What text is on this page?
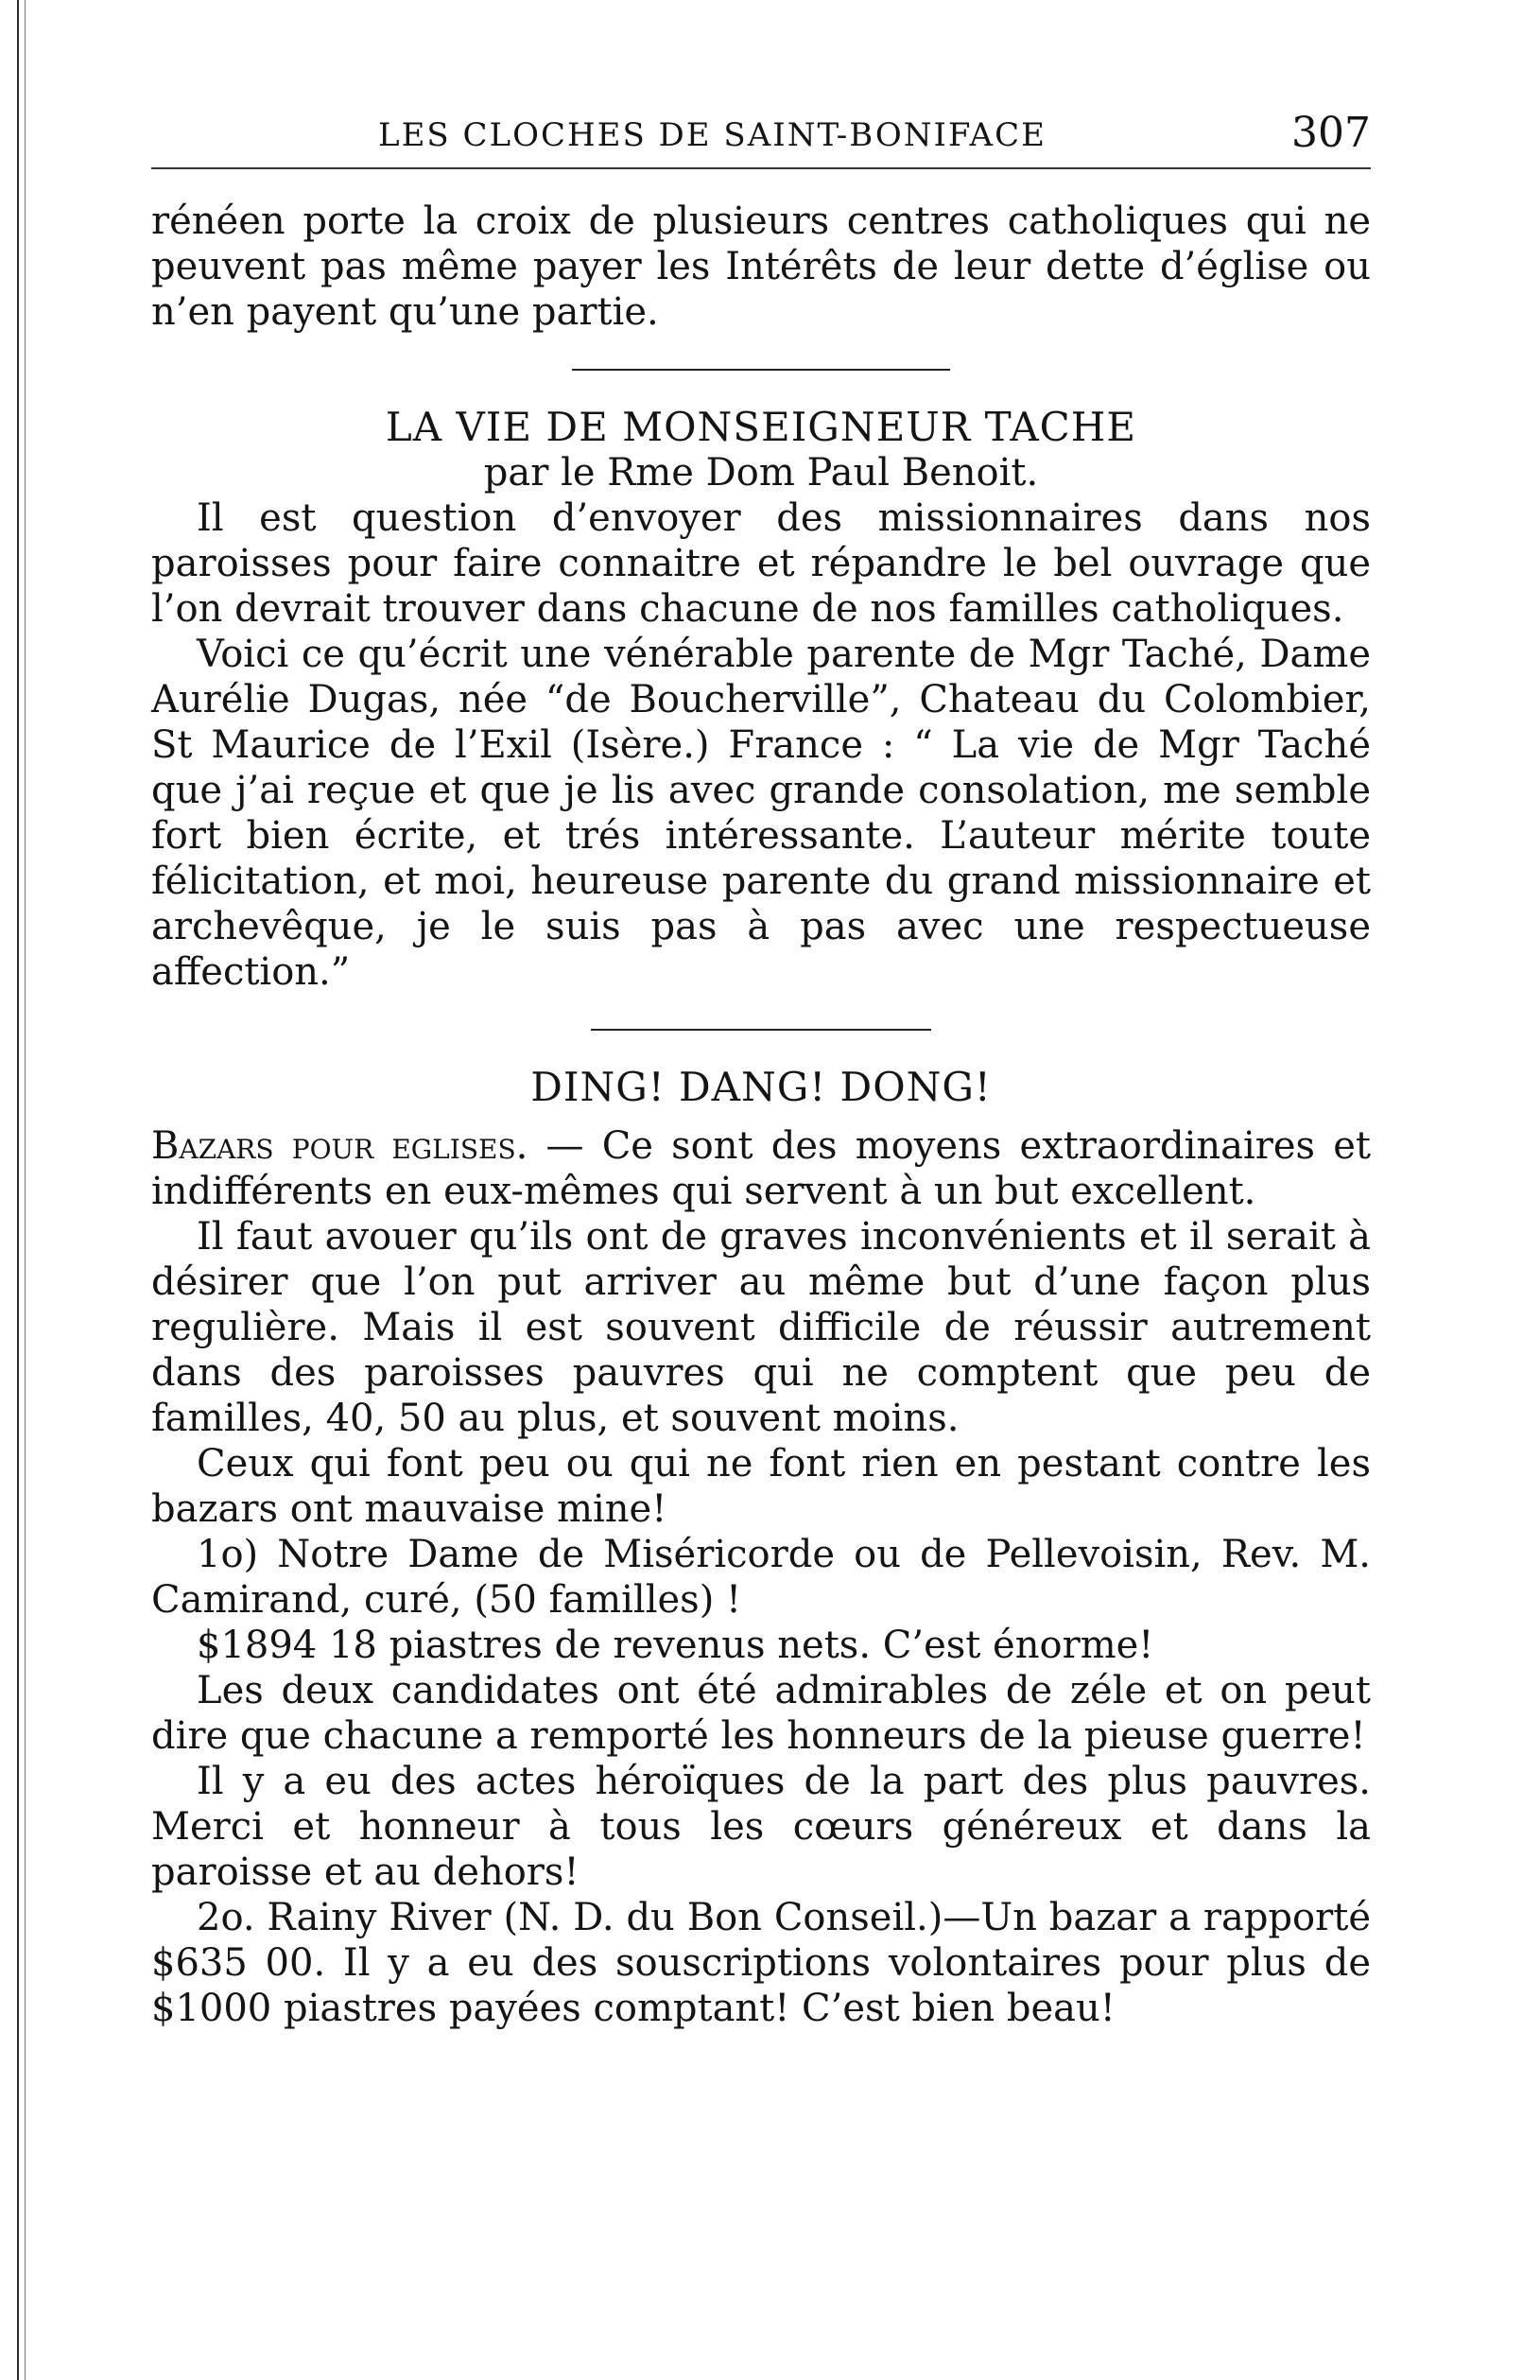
LES CLOCHES DE SAINT-BONIFACE	307

rénéen porte la croix de plusieurs centres catholiques qui ne peuvent pas même payer les Intérêts de leur dette d’église ou n’en payent qu’une partie.

LA VIE DE MONSEIGNEUR TACHE

par le Rme Dom Paul Benoit.

Il est question d’envoyer des missionnaires dans nos paroisses pour faire connaitre et répandre le bel ouvrage que l’on devrait trouver dans chacune de nos familles catholiques.

Voici ce qu’écrit une vénérable parente de Mgr Taché, Dame Aurélie Dugas, née “de Boucherville”, Chateau du Colombier, St Maurice de l’Exil (Isère.) France : “ La vie de Mgr Taché que j’ai reçue et que je lis avec grande consolation, me semble fort bien écrite, et trés intéressante. L’auteur mérite toute félicitation, et moi, heureuse parente du grand missionnaire et archevêque, je le suis pas à pas avec une respectueuse affection.”

DING! DANG! DONG!

Bazars pour eglises. — Ce sont des moyens extraordinaires et indifférents en eux-mêmes qui servent à un but excellent.

Il faut avouer qu’ils ont de graves inconvénients et il serait à désirer que l’on put arriver au même but d’une façon plus regulière. Mais il est souvent difficile de réussir autrement dans des paroisses pauvres qui ne comptent que peu de familles, 40, 50 au plus, et souvent moins.

Ceux qui font peu ou qui ne font rien en pestant contre les bazars ont mauvaise mine!

1o) Notre Dame de Miséricorde ou de Pellevoisin, Rev. M. Camirand, curé, (50 familles) !

$1894 18 piastres de revenus nets. C’est énorme!

Les deux candidates ont été admirables de zéle et on peut dire que chacune a remporté les honneurs de la pieuse guerre!

Il y a eu des actes héroïques de la part des plus pauvres. Merci et honneur à tous les cœurs généreux et dans la paroisse et au dehors!

2o. Rainy River (N. D. du Bon Conseil.)—Un bazar a rapporté $635 00. Il y a eu des souscriptions volontaires pour plus de $1000 piastres payées comptant! C’est bien beau!
